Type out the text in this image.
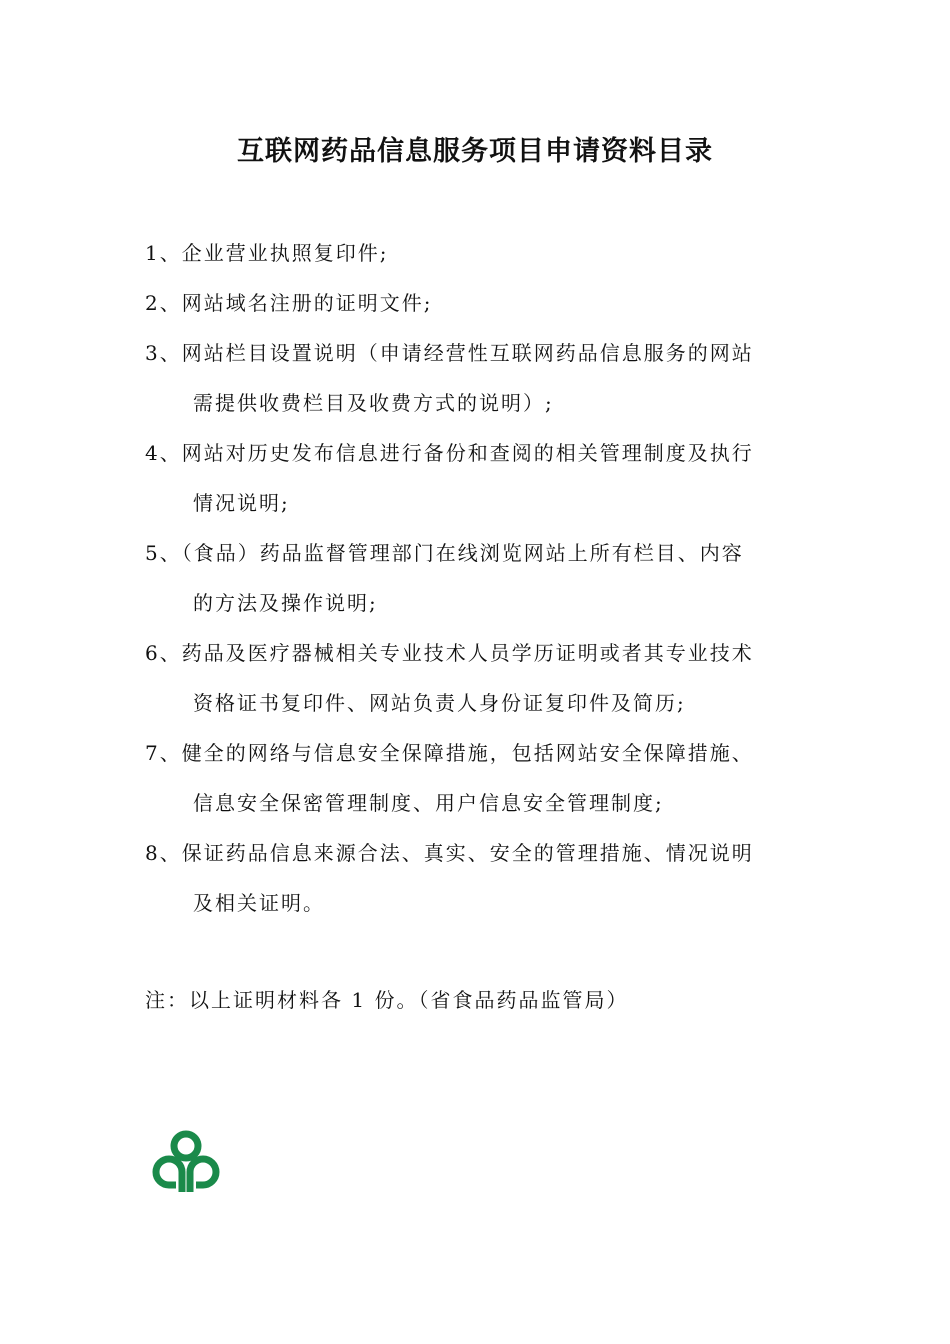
互联网药品信息服务项目申请资料目录
1、企业营业执照复印件;
2、网站域名注册的证明文件;
3、网站栏目设置说明（申请经营性互联网药品信息服务的网站
需提供收费栏目及收费方式的说明）;
4、网站对历史发布信息进行备份和查阅的相关管理制度及执行
情况说明;
5、（食品）药品监督管理部门在线浏览网站上所有栏目、内容
的方法及操作说明;
6、药品及医疗器械相关专业技术人员学历证明或者其专业技术
资格证书复印件、网站负责人身份证复印件及简历;
7、健全的网络与信息安全保障措施，包括网站安全保障措施、
信息安全保密管理制度、用户信息安全管理制度;
8、保证药品信息来源合法、真实、安全的管理措施、情况说明
及相关证明。

注：以上证明材料各 1 份。（省食品药品监管局）
